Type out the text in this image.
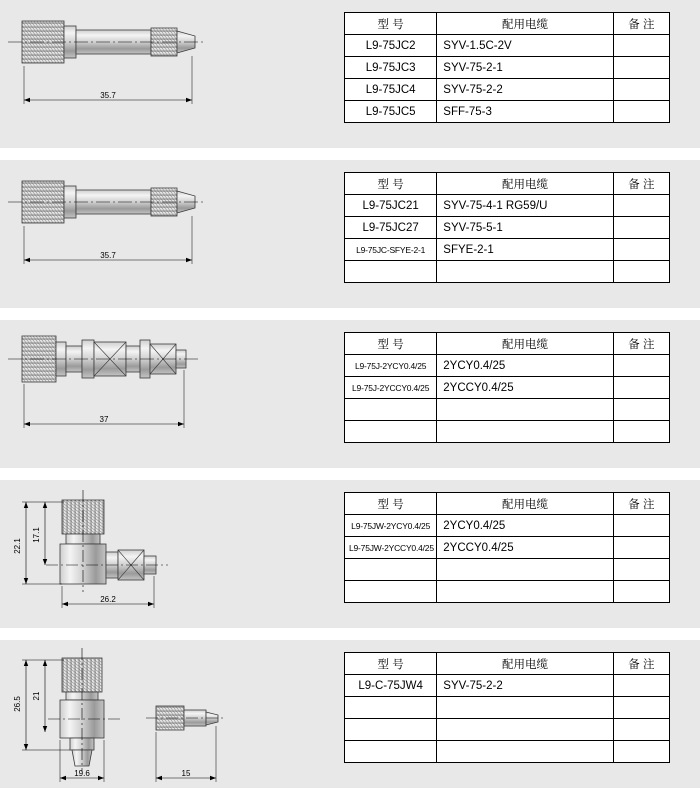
35.7
型 号	配用电缆	备 注
L9-75JC2	SYV-1.5C-2V	
L9-75JC3	SYV-75-2-1	
L9-75JC4	SYV-75-2-2	
L9-75JC5	SFF-75-3	
35.7
型 号	配用电缆	备 注
L9-75JC21	SYV-75-4-1 RG59/U	
L9-75JC27	SYV-75-5-1	
L9-75JC-SFYE-2-1	SFYE-2-1	

37
型 号	配用电缆	备 注
L9-75J-2YCY0.4/25	2YCY0.4/25	
L9-75J-2YCCY0.4/25	2YCCY0.4/25	

22.1
17.1
26.2
型 号	配用电缆	备 注
L9-75JW-2YCY0.4/25	2YCY0.4/25	
L9-75JW-2YCCY0.4/25	2YCCY0.4/25	

26.5
21
19.6	15
型 号	配用电缆	备 注
L9-C-75JW4	SYV-75-2-2	
